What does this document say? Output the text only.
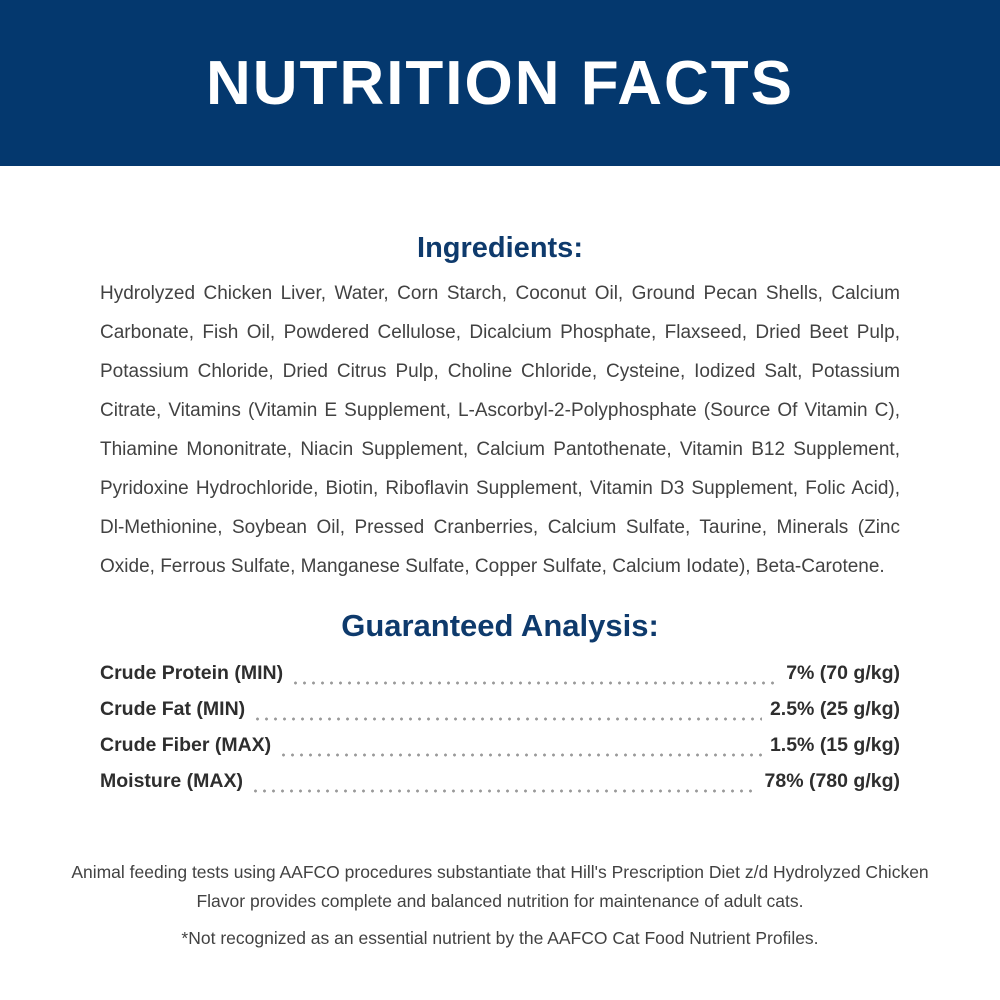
NUTRITION FACTS
Ingredients:

Hydrolyzed Chicken Liver, Water, Corn Starch, Coconut Oil, Ground Pecan Shells, Calcium Carbonate, Fish Oil, Powdered Cellulose, Dicalcium Phosphate, Flaxseed, Dried Beet Pulp, Potassium Chloride, Dried Citrus Pulp, Choline Chloride, Cysteine, Iodized Salt, Potassium Citrate, Vitamins (Vitamin E Supplement, L-Ascorbyl-2-Polyphosphate (Source Of Vitamin C), Thiamine Mononitrate, Niacin Supplement, Calcium Pantothenate, Vitamin B12 Supplement, Pyridoxine Hydrochloride, Biotin, Riboflavin Supplement, Vitamin D3 Supplement, Folic Acid), Dl-Methionine, Soybean Oil, Pressed Cranberries, Calcium Sulfate, Taurine, Minerals (Zinc Oxide, Ferrous Sulfate, Manganese Sulfate, Copper Sulfate, Calcium Iodate), Beta-Carotene.

Guaranteed Analysis:
Crude Protein (MIN)	7% (70 g/kg)
Crude Fat (MIN)	2.5% (25 g/kg)
Crude Fiber (MAX)	1.5% (15 g/kg)
Moisture (MAX)	78% (780 g/kg)

Animal feeding tests using AAFCO procedures substantiate that Hill's Prescription Diet z/d Hydrolyzed Chicken Flavor provides complete and balanced nutrition for maintenance of adult cats.

*Not recognized as an essential nutrient by the AAFCO Cat Food Nutrient Profiles.
